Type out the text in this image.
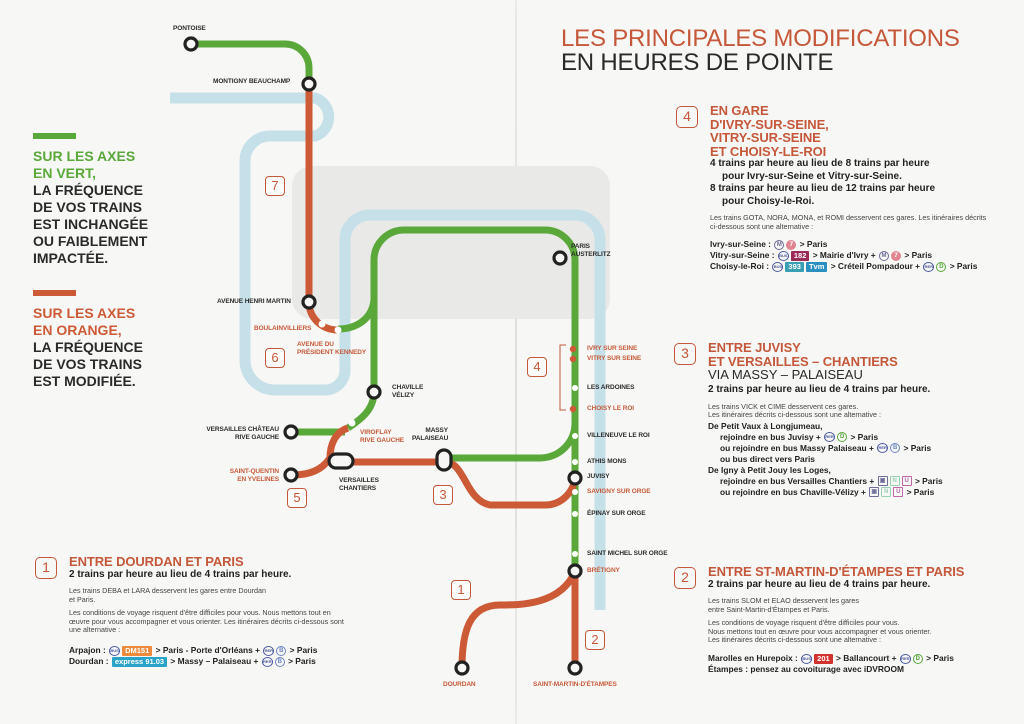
PONTOISE
MONTIGNY BEAUCHAMP
AVENUE HENRI MARTIN
BOULAINVILLIERS
AVENUE DU
PRÉSIDENT KENNEDY
CHAVILLE
VÉLIZY
VERSAILLES CHÂTEAU
RIVE GAUCHE
VIROFLAY
RIVE GAUCHE
SAINT-QUENTIN
EN YVELINES	VERSAILLES
CHANTIERS
MASSY
PALAISEAU
PARIS
AUSTERLITZ
IVRY SUR SEINE
VITRY SUR SEINE
LES ARDOINES
CHOISY LE ROI
VILLENEUVE LE ROI
ATHIS MONS
JUVISY
SAVIGNY SUR ORGE
ÉPINAY SUR ORGE
SAINT MICHEL SUR ORGE
BRÉTIGNY
DOURDAN	SAINT-MARTIN-D'ÉTAMPES
7
6
5	3
4
1
2
SUR LES AXES
EN VERT,
LA FRÉQUENCE
DE VOS TRAINS
EST INCHANGÉE
OU FAIBLEMENT
IMPACTÉE.
SUR LES AXES
EN ORANGE,
LA FRÉQUENCE
DE VOS TRAINS
EST MODIFIÉE.
LES PRINCIPALES MODIFICATIONS
EN HEURES DE POINTE
4	EN GARE
D'IVRY-SUR-SEINE,
VITRY-SUR-SEINE
ET CHOISY-LE-ROI
4 trains par heure au lieu de 8 trains par heure
pour Ivry-sur-Seine et Vitry-sur-Seine.
8 trains par heure au lieu de 12 trains par heure
pour Choisy-le-Roi.
Les trains GOTA, NORA, MONA, et ROMI desservent ces gares. Les itinéraires décrits ci-dessous sont une alternative :
Ivry-sur-Seine : M 7 > Paris
Vitry-sur-Seine : BUS 182 > Mairie d'Ivry + M 7 > Paris
Choisy-le-Roi : BUS 393 Tvm > Créteil Pompadour + RER D > Paris
3	ENTRE JUVISY
ET VERSAILLES – CHANTIERS
VIA MASSY – PALAISEAU
2 trains par heure au lieu de 4 trains par heure.
Les trains VICK et CIME desservent ces gares.
Les itinéraires décrits ci-dessous sont une alternative :
De Petit Vaux à Longjumeau,
rejoindre en bus Juvisy + RER D > Paris
ou rejoindre en bus Massy Palaiseau + RER B > Paris
ou bus direct vers Paris
De Igny à Petit Jouy les Loges,
rejoindre en bus Versailles Chantiers + ▣ N U > Paris
ou rejoindre en bus Chaville-Vélizy + ▣ N U > Paris
2	ENTRE ST-MARTIN-D'ÉTAMPES ET PARIS
2 trains par heure au lieu de 4 trains par heure.
Les trains SLOM et ELAO desservent les gares
entre Saint-Martin-d'Étampes et Paris.
Les conditions de voyage risquent d'être difficiles pour vous.
Nous mettons tout en œuvre pour vous accompagner et vous orienter.
Les itinéraires décrits ci-dessous sont une alternative :
Marolles en Hurepoix : BUS 201 > Ballancourt + RER D > Paris
Étampes : pensez au covoiturage avec iDVROOM
1	ENTRE DOURDAN ET PARIS
2 trains par heure au lieu de 4 trains par heure.
Les trains DEBA et LARA desservent les gares entre Dourdan
et Paris.
Les conditions de voyage risquent d'être difficiles pour vous. Nous mettons tout en
œuvre pour vous accompagner et vous orienter. Les itinéraires décrits ci-dessous sont
une alternative :
Arpajon : BUS DM151 > Paris - Porte d'Orléans + RER B > Paris
Dourdan : express 91.03 > Massy – Palaiseau + RER B > Paris
